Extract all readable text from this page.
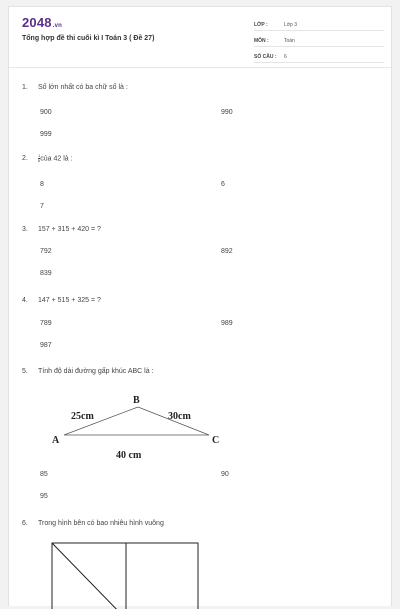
2048.vn
Tổng hợp đề thi cuối kì I Toán 3 ( Đề 27)
LỚP :	Lớp 3
MÔN :	Toán
SỐ CÂU :	6
1. Số lớn nhất có ba chữ số là :
900	990
999
2.	$\frac{1}{6}$ của 42 là :
8	6
7
3. 157 + 315 + 420 = ?
792	892
839
4. 147 + 515 + 325 = ?
789	989
987
5. Tính độ dài đường gấp khúc ABC là :
B
A	C
25cm	30cm
40 cm
85	90
95
6. Trong hình bên có bao nhiêu hình vuông
